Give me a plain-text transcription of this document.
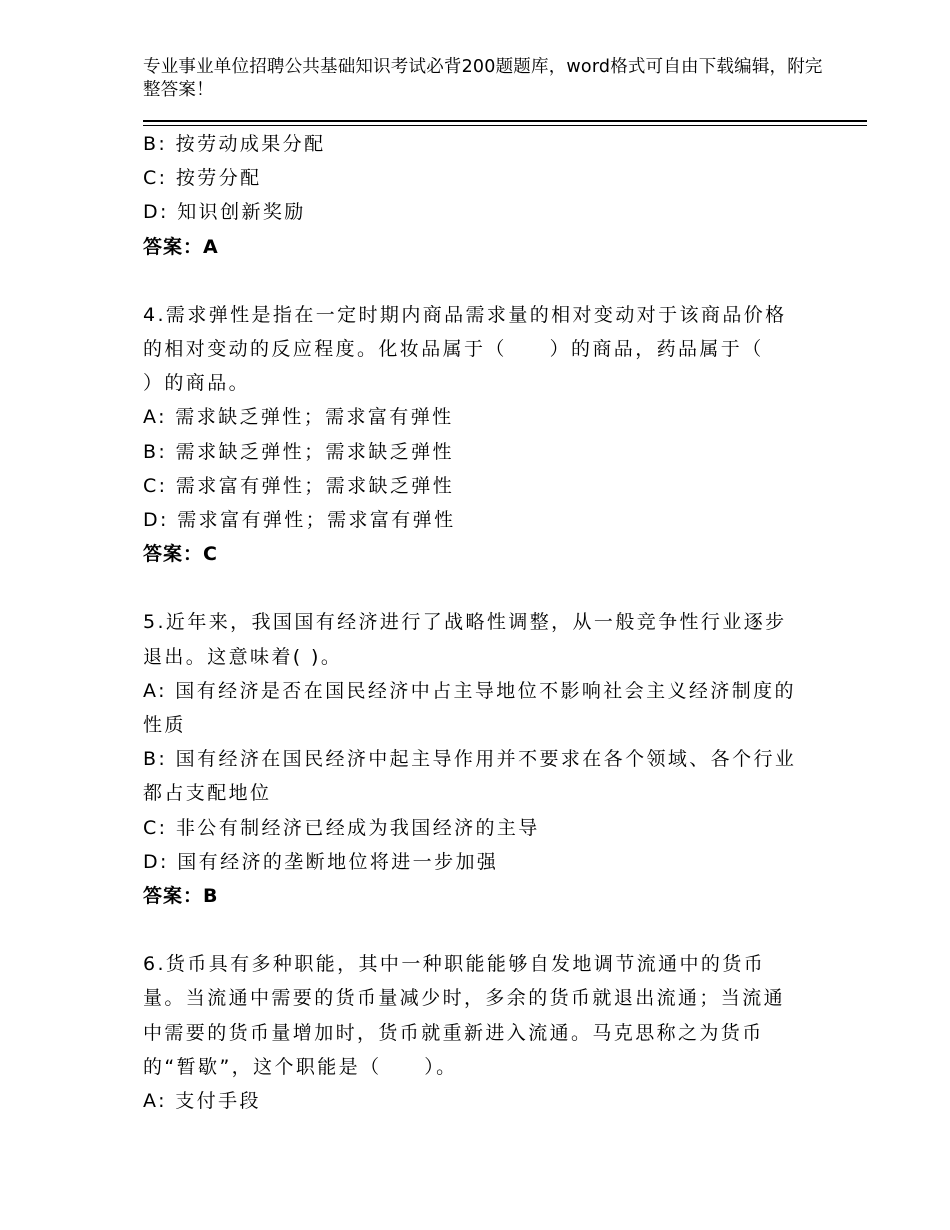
专业事业单位招聘公共基础知识考试必背200题题库，word格式可自由下载编辑，附完整答案！
B: 按劳动成果分配
C: 按劳分配
D: 知识创新奖励
答案：A
4.需求弹性是指在一定时期内商品需求量的相对变动对于该商品价格
的相对变动的反应程度。化妆品属于（　　）的商品，药品属于（
）的商品。
A: 需求缺乏弹性；需求富有弹性
B: 需求缺乏弹性；需求缺乏弹性
C: 需求富有弹性；需求缺乏弹性
D: 需求富有弹性；需求富有弹性
答案：C
5.近年来，我国国有经济进行了战略性调整，从一般竞争性行业逐步
退出。这意味着( )。
A: 国有经济是否在国民经济中占主导地位不影响社会主义经济制度的
性质
B: 国有经济在国民经济中起主导作用并不要求在各个领域、各个行业
都占支配地位
C: 非公有制经济已经成为我国经济的主导
D: 国有经济的垄断地位将进一步加强
答案：B
6.货币具有多种职能，其中一种职能能够自发地调节流通中的货币
量。当流通中需要的货币量减少时，多余的货币就退出流通；当流通
中需要的货币量增加时，货币就重新进入流通。马克思称之为货币
的“暂歇”，这个职能是（　　）。
A: 支付手段
